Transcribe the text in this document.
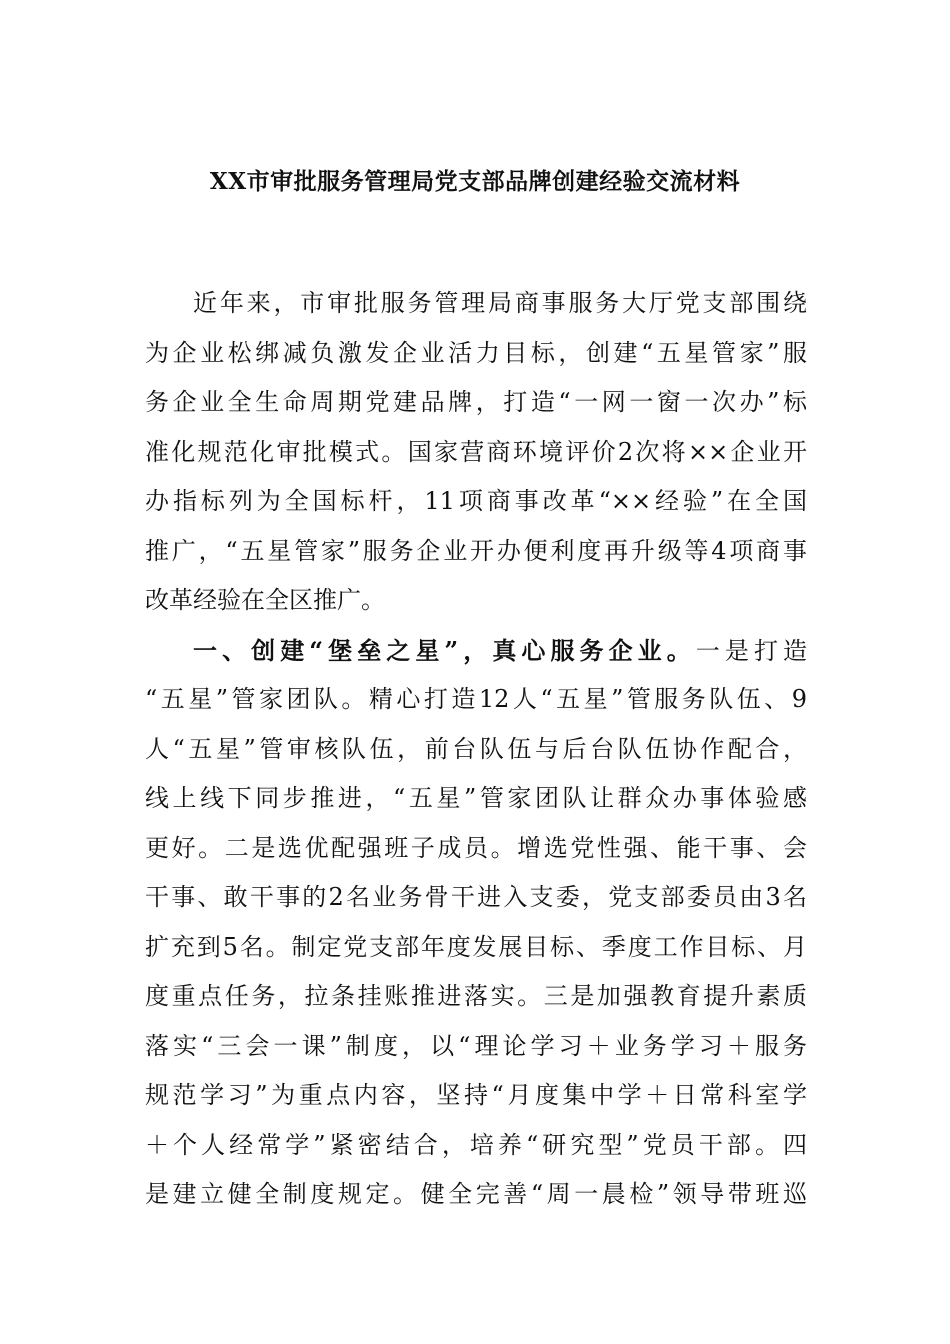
XX市审批服务管理局党支部品牌创建经验交流材料
近年来，市审批服务管理局商事服务大厅党支部围绕
为企业松绑减负激发企业活力目标，创建“五星管家”服
务企业全生命周期党建品牌，打造“一网一窗一次办”标
准化规范化审批模式。国家营商环境评价2次将××企业开
办指标列为全国标杆，11项商事改革“××经验”在全国
推广，“五星管家”服务企业开办便利度再升级等4项商事
改革经验在全区推广。
一、创建“堡垒之星”，真心服务企业。一是打造
“五星”管家团队。精心打造12人“五星”管服务队伍、9
人“五星”管审核队伍，前台队伍与后台队伍协作配合，
线上线下同步推进，“五星”管家团队让群众办事体验感
更好。二是选优配强班子成员。增选党性强、能干事、会
干事、敢干事的2名业务骨干进入支委，党支部委员由3名
扩充到5名。制定党支部年度发展目标、季度工作目标、月
度重点任务，拉条挂账推进落实。三是加强教育提升素质
落实“三会一课”制度，以“理论学习＋业务学习＋服务
规范学习”为重点内容，坚持“月度集中学＋日常科室学
＋个人经常学”紧密结合，培养“研究型”党员干部。四
是建立健全制度规定。健全完善“周一晨检”领导带班巡
